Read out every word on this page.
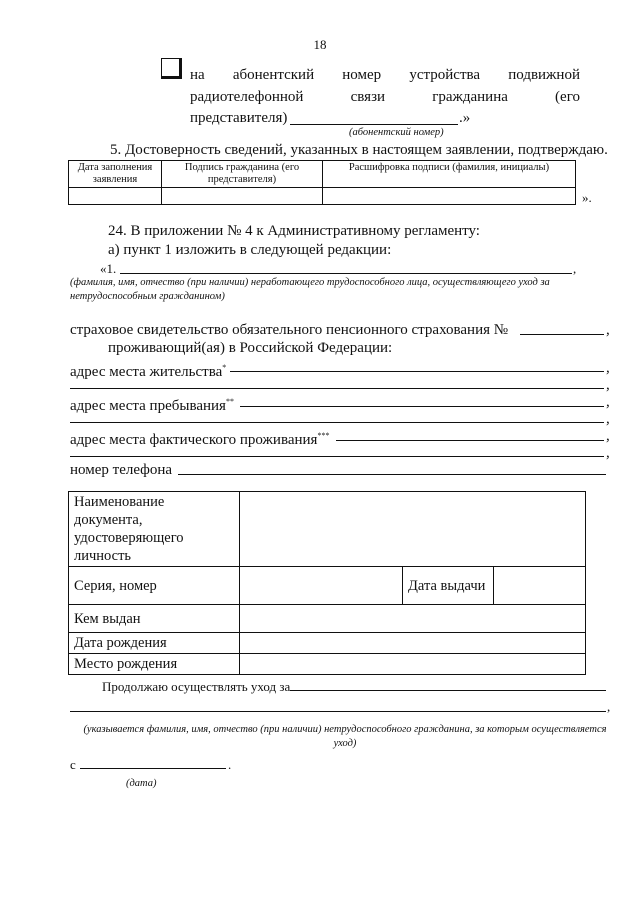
18
на абонентский номер устройства подвижной
радиотелефонной	связи	гражданина	(его
представителя)	.»
(абонентский номер)
5. Достоверность сведений, указанных в настоящем заявлении, подтверждаю.
Дата заполнения заявления	Подпись гражданина (его представителя)	Расшифровка подписи (фамилия, инициалы)

».
24. В приложении № 4 к Административному регламенту:
а) пункт 1 изложить в следующей редакции:
«1.	,
(фамилия, имя, отчество (при наличии) неработающего трудоспособного лица, осуществляющего уход за нетрудоспособным гражданином)
страховое свидетельство обязательного пенсионного страхования №	,
проживающий(ая) в Российской Федерации:
адрес места жительства*	,
,
адрес места пребывания**	,
,
адрес места фактического проживания***	,
,
номер телефона
Наименование документа, удостоверяющего личность			
Серия, номер		Дата выдачи	
Кем выдан			
Дата рождения			
Место рождения			
Продолжаю осуществлять уход за
,
(указывается фамилия, имя, отчество (при наличии) нетрудоспособного гражданина, за которым осуществляется уход)
с	.
(дата)
